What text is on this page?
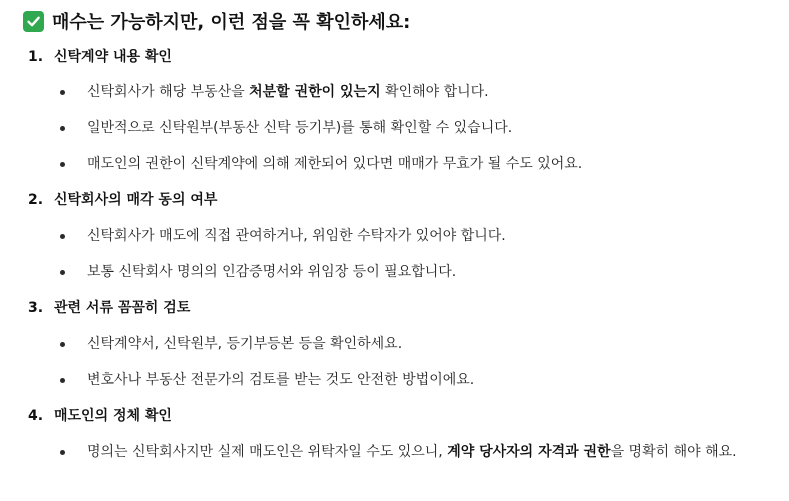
매수는 가능하지만, 이런 점을 꼭 확인하세요:
1. 신탁계약 내용 확인
신탁회사가 해당 부동산을 처분할 권한이 있는지 확인해야 합니다.
일반적으로 신탁원부(부동산 신탁 등기부)를 통해 확인할 수 있습니다.
매도인의 권한이 신탁계약에 의해 제한되어 있다면 매매가 무효가 될 수도 있어요.
2. 신탁회사의 매각 동의 여부
신탁회사가 매도에 직접 관여하거나, 위임한 수탁자가 있어야 합니다.
보통 신탁회사 명의의 인감증명서와 위임장 등이 필요합니다.
3. 관련 서류 꼼꼼히 검토
신탁계약서, 신탁원부, 등기부등본 등을 확인하세요.
변호사나 부동산 전문가의 검토를 받는 것도 안전한 방법이에요.
4. 매도인의 정체 확인
명의는 신탁회사지만 실제 매도인은 위탁자일 수도 있으니, 계약 당사자의 자격과 권한을 명확히 해야 해요.
